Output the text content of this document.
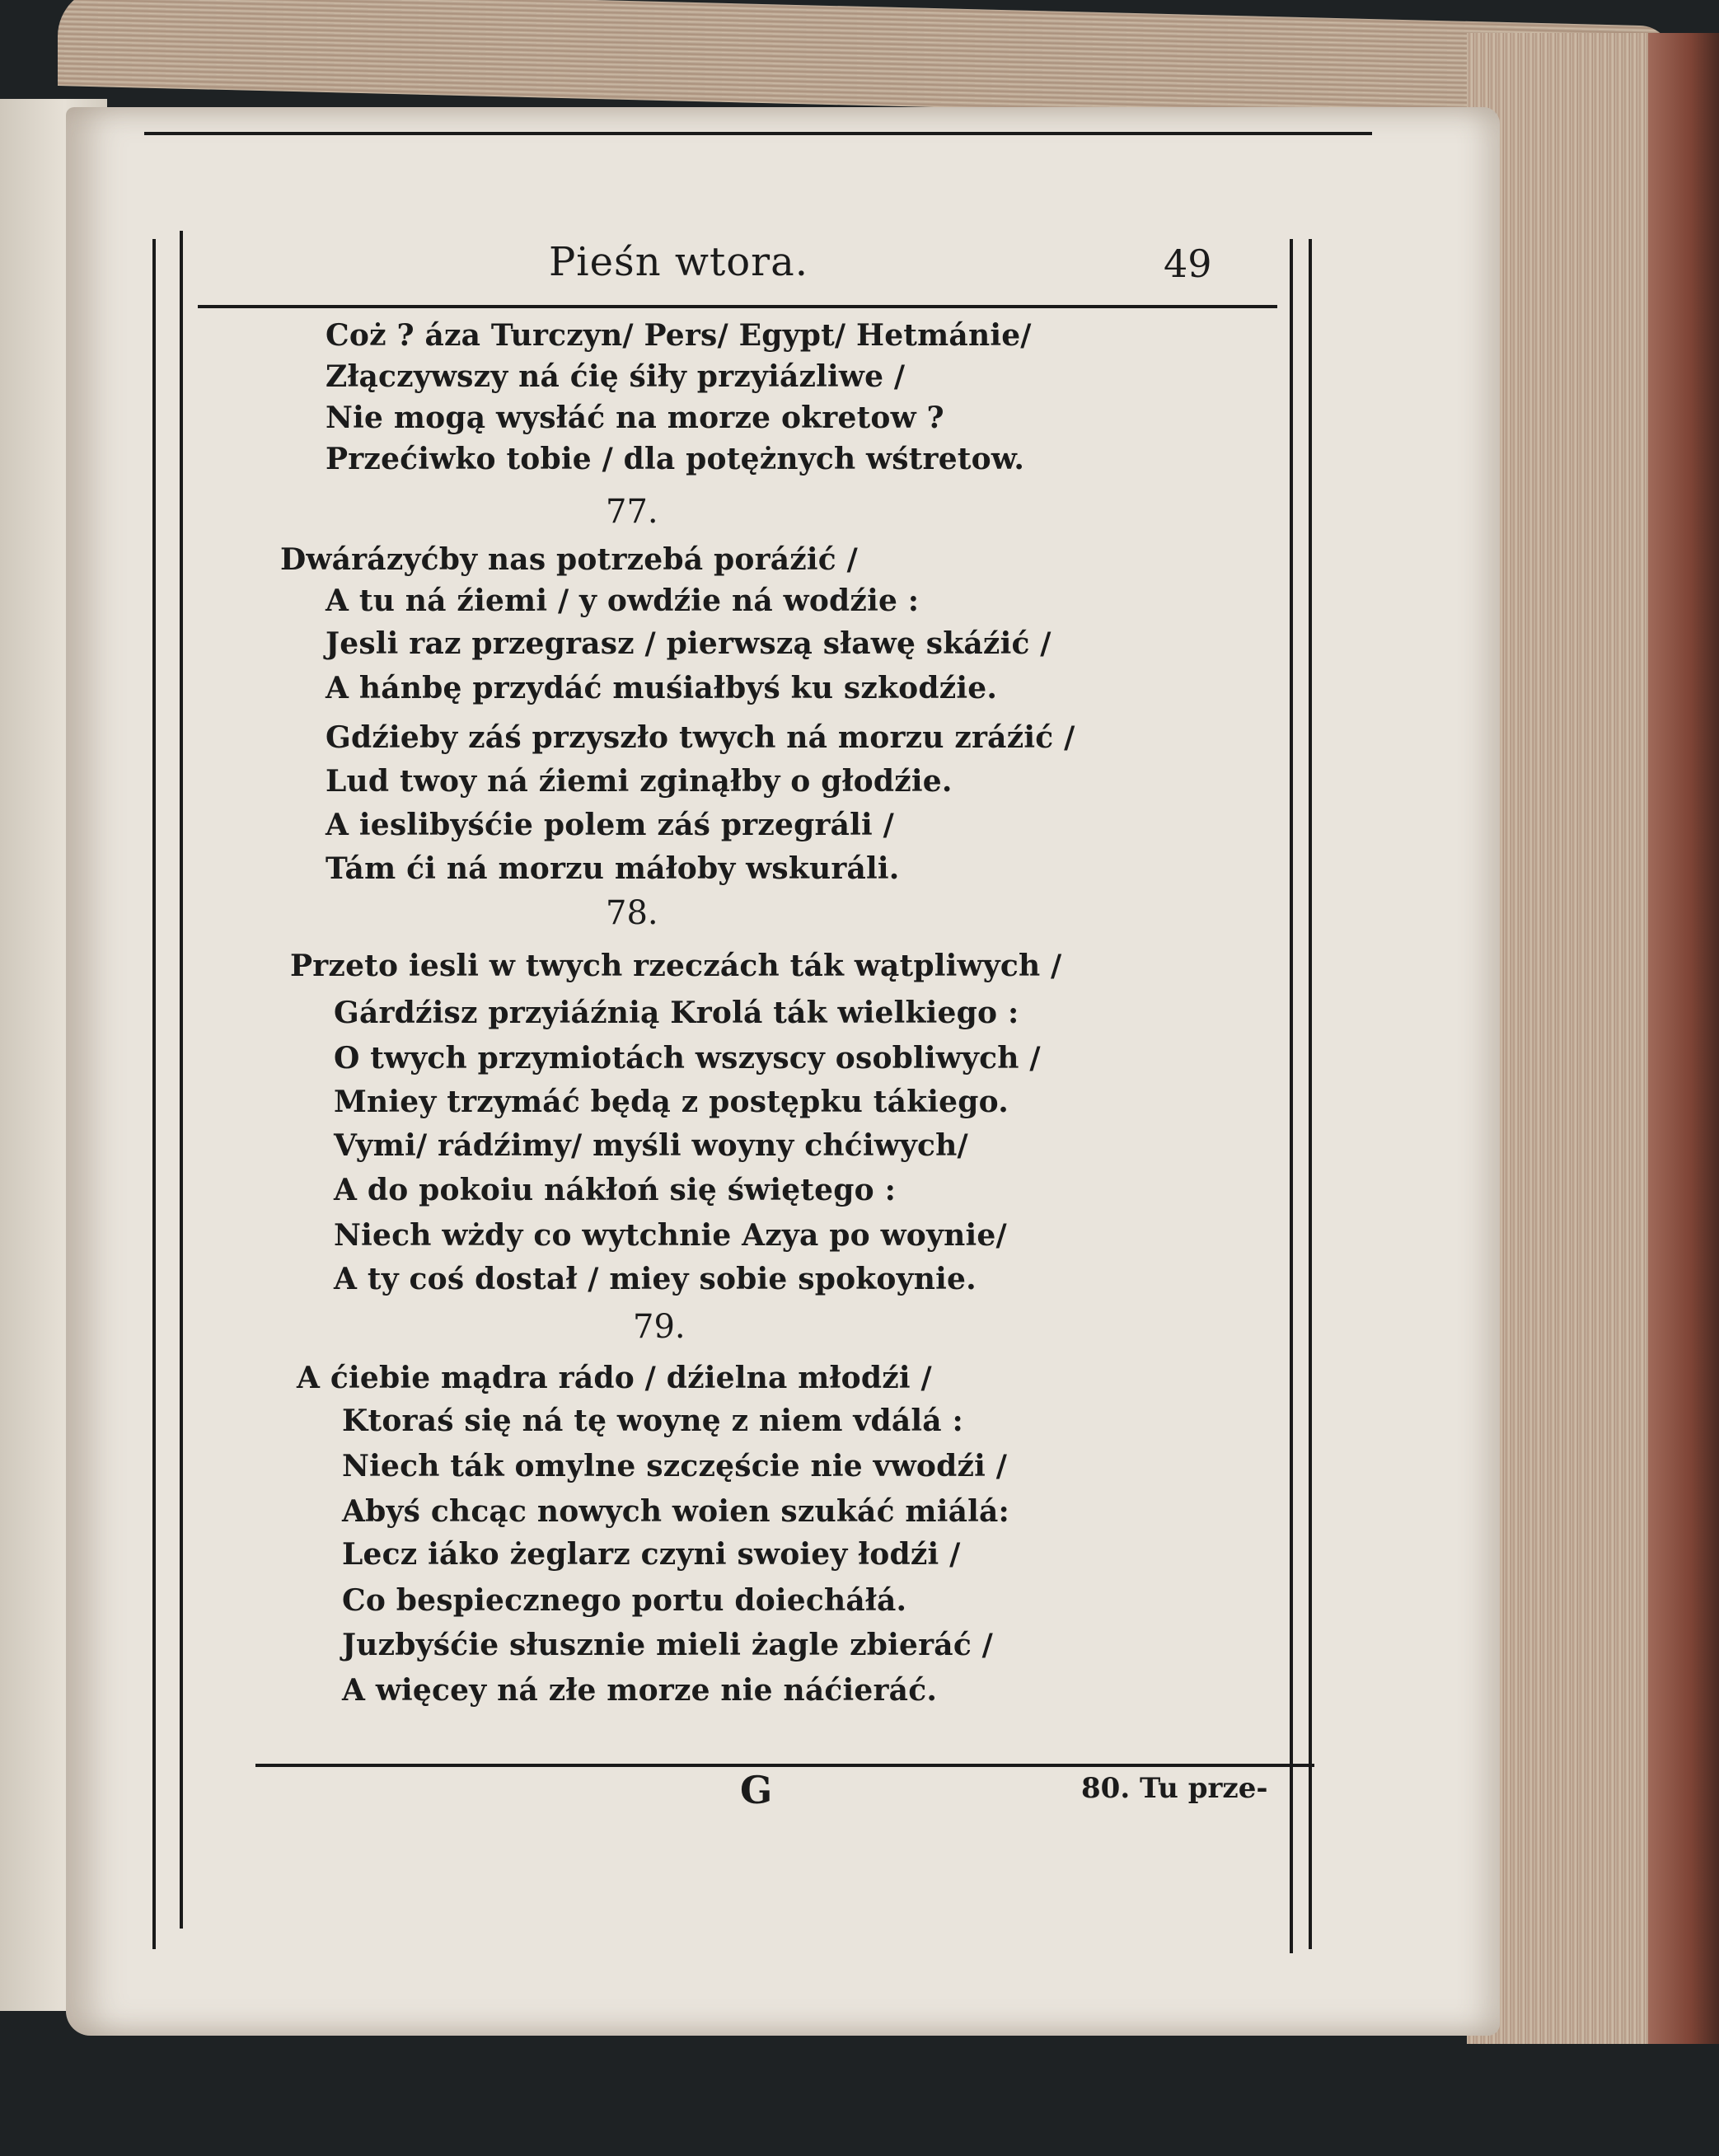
Pieśn wtora.	49
Coż ? áza Turczyn/ Pers/ Egypt/ Hetmánie/
Złączywszy ná ćię śiły przyiázliwe /
Nie mogą wysłáć na morze okretow ?
Przećiwko tobie / dla potężnych wśtretow.
77.
Dwárázyćby nas potrzebá poráźić /
A tu ná źiemi / y owdźie ná wodźie :
Jesli raz przegrasz / pierwszą sławę skáźić /
A hánbę przydáć muśiałbyś ku szkodźie.
Gdźieby záś przyszło twych ná morzu zráźić /
Lud twoy ná źiemi zginąłby o głodźie.
A ieslibyśćie polem záś przegráli /
Tám ći ná morzu máłoby wskuráli.
78.
Przeto iesli w twych rzeczách ták wątpliwych /
Gárdźisz przyiáźnią Krolá ták wielkiego :
O twych przymiotách wszyscy osobliwych /
Mniey trzymáć będą z postępku tákiego.
Vymi/ rádźimy/ myśli woyny chćiwych/
A do pokoiu nákłoń się świętego :
Niech wżdy co wytchnie Azya po woynie/
A ty coś dostał / miey sobie spokoynie.
79.
A ćiebie mądra rádo / dźielna młodźi /
Ktoraś się ná tę woynę z niem vdálá :
Niech ták omylne szczęście nie vwodźi /
Abyś chcąc nowych woien szukáć miálá:
Lecz iáko żeglarz czyni swoiey łodźi /
Co bespiecznego portu doiecháłá.
Juzbyśćie słusznie mieli żagle zbieráć /
A więcey ná złe morze nie náćieráć.
G	80. Tu prze-
